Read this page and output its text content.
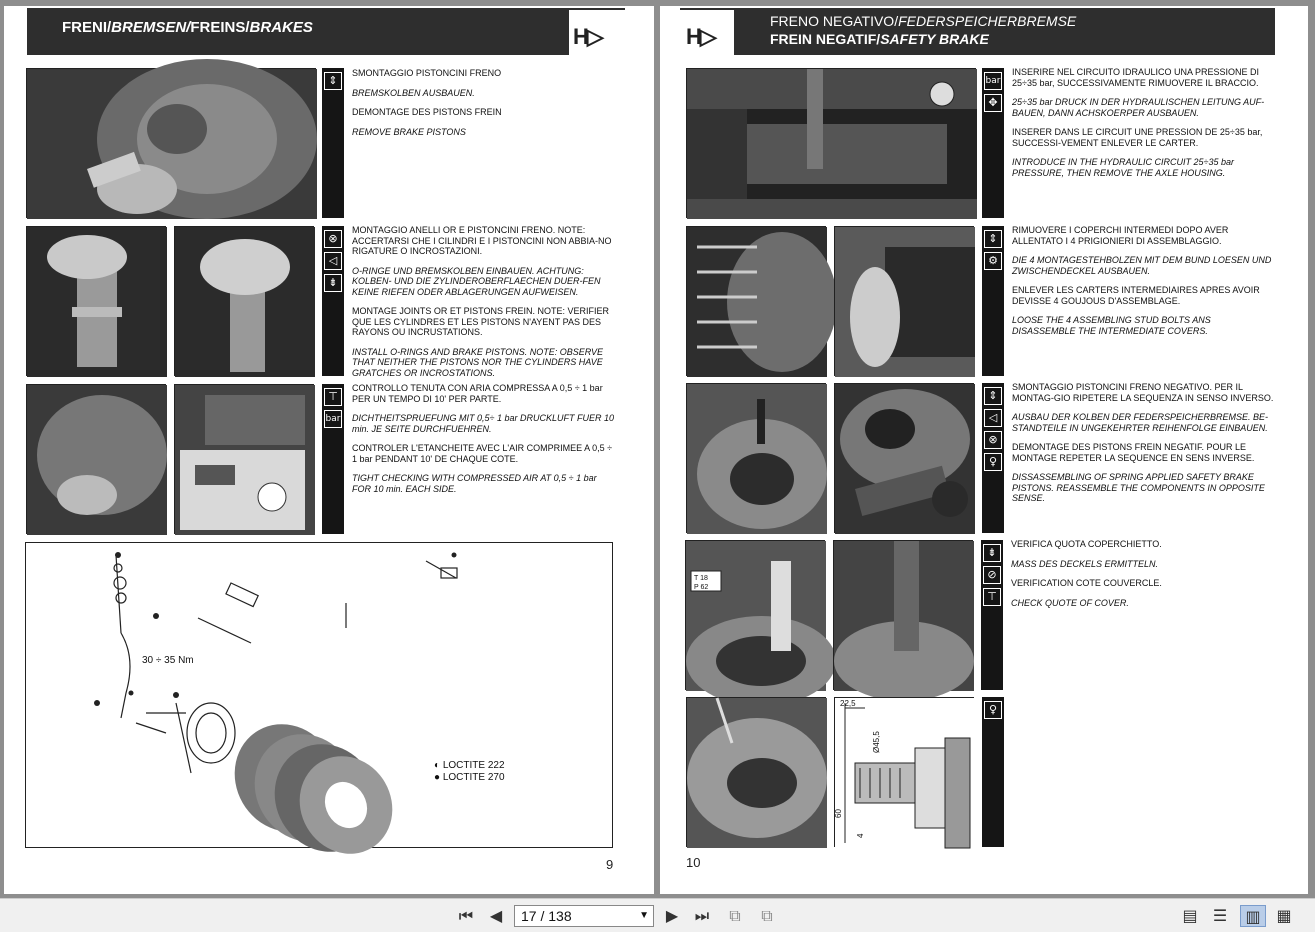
FRENI/BREMSEN/FREINS/BRAKES	H▷
⇕

SMONTAGGIO PISTONCINI FRENO

BREMSKOLBEN AUSBAUEN.

DEMONTAGE DES PISTONS FREIN

REMOVE BRAKE PISTONS

⊗
◁
⇟

MONTAGGIO ANELLI OR E PISTONCINI FRENO. NOTE: ACCERTARSI CHE I CILINDRI E I PISTONCINI NON ABBIA-NO RIGATURE O INCROSTAZIONI.

O-RINGE UND BREMSKOLBEN EINBAUEN. ACHTUNG: KOLBEN- UND DIE ZYLINDEROBERFLAECHEN DUER-FEN KEINE RIEFEN ODER ABLAGERUNGEN AUFWEISEN.

MONTAGE JOINTS OR ET PISTONS FREIN. NOTE: VERIFIER QUE LES CYLINDRES ET LES PISTONS N'AYENT PAS DES RAYONS OU INCRUSTATIONS.

INSTALL O-RINGS AND BRAKE PISTONS. NOTE: OBSERVE THAT NEITHER THE PISTONS NOR THE CYLINDERS HAVE GRATCHES OR INCROSTATIONS.

⊤
bar

CONTROLLO TENUTA CON ARIA COMPRESSA A 0,5 ÷ 1 bar PER UN TEMPO DI 10' PER PARTE.

DICHTHEITSPRUEFUNG MIT 0,5÷ 1 bar DRUCKLUFT FUER 10 min. JE SEITE DURCHFUEHREN.

CONTROLER L'ETANCHEITE AVEC L'AIR COMPRIMEE A 0,5 ÷ 1 bar PENDANT 10' DE CHAQUE COTE.

TIGHT CHECKING WITH COMPRESSED AIR AT 0,5 ÷ 1 bar FOR 10 min. EACH SIDE.

30 ÷ 35 Nm
◐ LOCTITE 222
● LOCTITE 270
9
H▷
FRENO NEGATIVO/FEDERSPEICHERBREMSE
FREIN NEGATIF/SAFETY BRAKE
bar
✥

INSERIRE NEL CIRCUITO IDRAULICO UNA PRESSIONE DI 25÷35 bar, SUCCESSIVAMENTE RIMUOVERE IL BRACCIO.

25÷35 bar DRUCK IN DER HYDRAULISCHEN LEITUNG AUF-BAUEN, DANN ACHSKOERPER AUSBAUEN.

INSERER DANS LE CIRCUIT UNE PRESSION DE 25÷35 bar, SUCCESSI-VEMENT ENLEVER LE CARTER.

INTRODUCE IN THE HYDRAULIC CIRCUIT 25÷35 bar PRESSURE, THEN REMOVE THE AXLE HOUSING.

⇕
⚙

RIMUOVERE I COPERCHI INTERMEDI DOPO AVER ALLENTATO I 4 PRIGIONIERI DI ASSEMBLAGGIO.

DIE 4 MONTAGESTEHBOLZEN MIT DEM BUND LOESEN UND ZWISCHENDECKEL AUSBAUEN.

ENLEVER LES CARTERS INTERMEDIAIRES APRES AVOIR DEVISSE 4 GOUJOUS D'ASSEMBLAGE.

LOOSE THE 4 ASSEMBLING STUD BOLTS ANS DISASSEMBLE THE INTERMEDIATE COVERS.

⇕
◁
⊗
♀

SMONTAGGIO PISTONCINI FRENO NEGATIVO. PER IL MONTAG-GIO RIPETERE LA SEQUENZA IN SENSO INVERSO.

AUSBAU DER KOLBEN DER FEDERSPEICHERBREMSE. BE-STANDTEILE IN UNGEKEHRTER REIHENFOLGE EINBAUEN.

DEMONTAGE DES PISTONS FREIN NEGATIF. POUR LE MONTAGE REPETER LA SEQUENCE EN SENS INVERSE.

DISSASSEMBLING OF SPRING APPLIED SAFETY BRAKE PISTONS. REASSEMBLE THE COMPONENTS IN OPPOSITE SENSE.

T 18
P 62
⇟
⊘
⊤

VERIFICA QUOTA COPERCHIETTO.

MASS DES DECKELS ERMITTELN.

VERIFICATION COTE COUVERCLE.

CHECK QUOTE OF COVER.

22,5
Ø45,5
60
4
♀
10
⏮ ◀	▶ ⏭	⧉	⧉	▤ ☰	▥ ▦
17 / 138	▼
